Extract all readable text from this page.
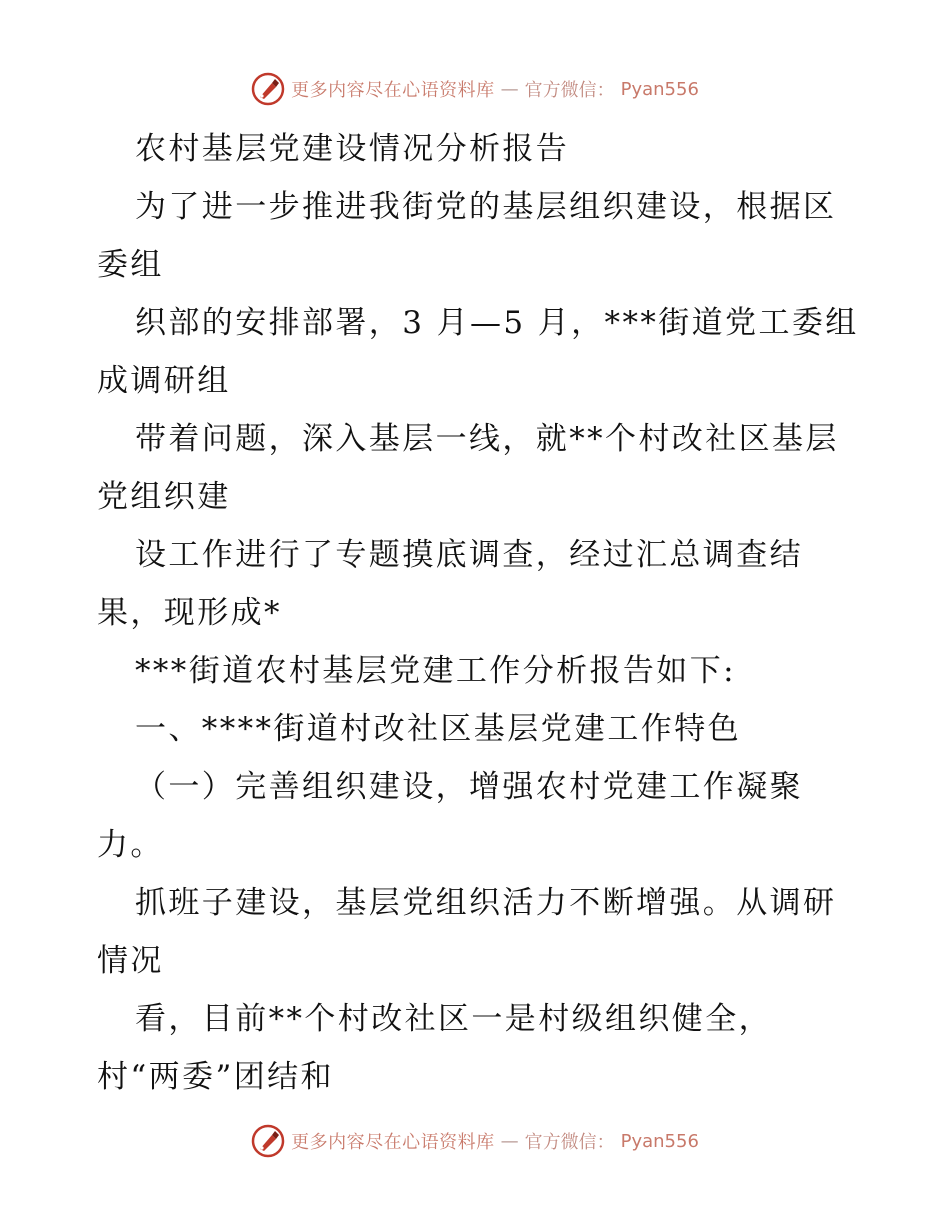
更多内容尽在心语资料库 — 官方微信： Pyan556
农村基层党建设情况分析报告
为了进一步推进我街党的基层组织建设，根据区
委组
织部的安排部署，3 月—5 月，***街道党工委组
成调研组
带着问题，深入基层一线，就**个村改社区基层
党组织建
设工作进行了专题摸底调查，经过汇总调查结
果，现形成*
***街道农村基层党建工作分析报告如下:
一、****街道村改社区基层党建工作特色
（一）完善组织建设，增强农村党建工作凝聚
力。
抓班子建设，基层党组织活力不断增强。从调研
情况
看，目前**个村改社区一是村级组织健全，
村“两委”团结和
更多内容尽在心语资料库 — 官方微信： Pyan556
